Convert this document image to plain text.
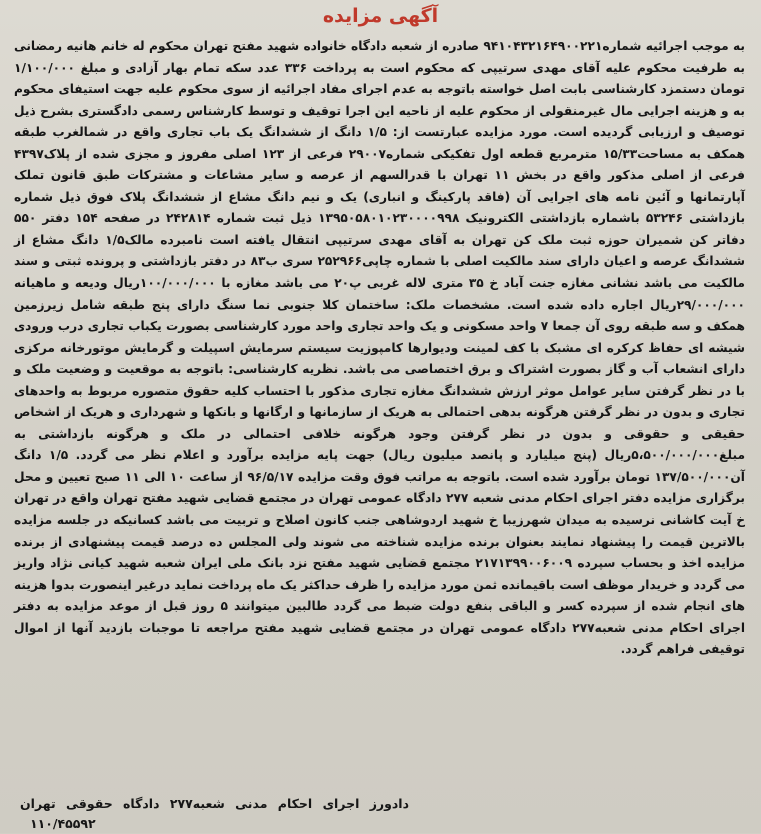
آگهی مزایده

به موجب اجرائیه شماره۹۴۱۰۴۳۲۱۶۴۹۰۰۲۲۱ صادره از شعبه دادگاه خانواده شهید مفتح تهران محکوم له خانم هانیه رمضانی به طرفیت محکوم علیه آقای مهدی سرتیپی که محکوم است به پرداخت ۳۳۶ عدد سکه تمام بهار آزادی و مبلغ ۱/۱۰۰/۰۰۰ تومان دستمزد کارشناسی بابت اصل خواسته باتوجه به عدم اجرای مفاد اجرائیه از سوی محکوم علیه جهت استیفای محکوم به و هزینه اجرایی مال غیرمنقولی از محکوم علیه از ناحیه این اجرا توقیف و توسط کارشناس رسمی دادگستری بشرح ذیل توصیف و ارزیابی گردیده است. مورد مزایده عبارتست از: ۱/۵ دانگ از ششدانگ یک باب تجاری واقع در شمالغرب طبقه همکف به مساحت۱۵/۳۳ مترمربع قطعه اول تفکیکی شماره۲۹۰۰۷ فرعی از ۱۲۳ اصلی مفروز و مجزی شده از پلاک۴۳۹۷ فرعی از اصلی مذکور واقع در بخش ۱۱ تهران با قدرالسهم از عرصه و سایر مشاعات و مشترکات طبق قانون تملک آپارتمانها و آئین نامه های اجرایی آن (فاقد پارکینگ و انباری) یک و نیم دانگ مشاع از ششدانگ پلاک فوق ذیل شماره بازداشتی ۵۳۲۴۶ باشماره بازداشتی الکترونیک ۱۳۹۵۰۵۸۰۱۰۲۳۰۰۰۰۹۹۸ ذیل ثبت شماره ۲۴۲۸۱۴ در صفحه ۱۵۴ دفتر ۵۵۰ دفاتر کن شمیران حوزه ثبت ملک کن تهران به آقای مهدی سرتیپی انتقال یافته است نامبرده مالک۱/۵ دانگ مشاع از ششدانگ عرصه و اعیان دارای سند مالکیت اصلی با شماره چاپی۲۵۲۹۶۶ سری ب۸۳ در دفتر بازداشتی و پرونده ثبتی و سند مالکیت می باشد نشانی مغازه جنت آباد خ ۳۵ متری لاله غربی پ۲۰ می باشد مغازه با ۱۰۰/۰۰۰/۰۰۰ریال ودیعه و ماهیانه ۲۹/۰۰۰/۰۰۰ریال اجاره داده شده است. مشخصات ملک: ساختمان کلا جنوبی نما سنگ دارای پنج طبقه شامل زیرزمین همکف و سه طبقه روی آن جمعا ۷ واحد مسکونی و یک واحد تجاری واحد مورد کارشناسی بصورت یکباب تجاری درب ورودی شیشه ای حفاظ کرکره ای مشبک با کف لمینت ودیوارها کامپوزیت سیستم سرمایش اسپیلت و گرمایش موتورخانه مرکزی دارای انشعاب آب و گاز بصورت اشتراک و برق اختصاصی می باشد. نظریه کارشناسی: باتوجه به موقعیت و وضعیت ملک و با در نظر گرفتن سایر عوامل موثر ارزش ششدانگ مغازه تجاری مذکور با احتساب کلیه حقوق متصوره مربوط به واحدهای تجاری و بدون در نظر گرفتن هرگونه بدهی احتمالی به هریک از سازمانها و ارگانها و بانکها و شهرداری و هریک از اشخاص حقیقی و حقوقی و بدون در نظر گرفتن وجود هرگونه خلافی احتمالی در ملک و هرگونه بازداشتی به مبلغ۵،۵۰۰/۰۰۰/۰۰۰ریال (پنج میلیارد و پانصد میلیون ریال) جهت پایه مزایده برآورد و اعلام نظر می گردد. ۱/۵ دانگ آن۱۳۷/۵۰۰/۰۰۰ تومان برآورد شده است. باتوجه به مراتب فوق وقت مزایده ۹۶/۵/۱۷ از ساعت ۱۰ الی ۱۱ صبح تعیین و محل برگزاری مزایده دفتر اجرای احکام مدنی شعبه ۲۷۷ دادگاه عمومی تهران در مجتمع قضایی شهید مفتح تهران واقع در تهران خ آیت کاشانی نرسیده به میدان شهرزیبا خ شهید اردوشاهی جنب کانون اصلاح و تربیت می باشد کسانیکه در جلسه مزایده بالاترین قیمت را پیشنهاد نمایند بعنوان برنده مزایده شناخته می شوند ولی المجلس ده درصد قیمت پیشنهادی از برنده مزایده اخذ و بحساب سپرده ۲۱۷۱۳۹۹۰۰۶۰۰۹ مجتمع قضایی شهید مفتح نزد بانک ملی ایران شعبه شهید کیانی نژاد واریز می گردد و خریدار موظف است باقیمانده ثمن مورد مزایده را ظرف حداکثر یک ماه پرداخت نماید درغیر اینصورت بدوا هزینه های انجام شده از سپرده کسر و الباقی بنفع دولت ضبط می گردد طالبین میتوانند ۵ روز قبل از موعد مزایده به دفتر اجرای احکام مدنی شعبه۲۷۷ دادگاه عمومی تهران در مجتمع قضایی شهید مفتح مراجعه تا موجبات بازدید آنها از اموال توقیفی فراهم گردد.

دادورز اجرای احکام مدنی شعبه۲۷۷ دادگاه حقوقی تهران
۱۱۰/۴۵۵۹۲
